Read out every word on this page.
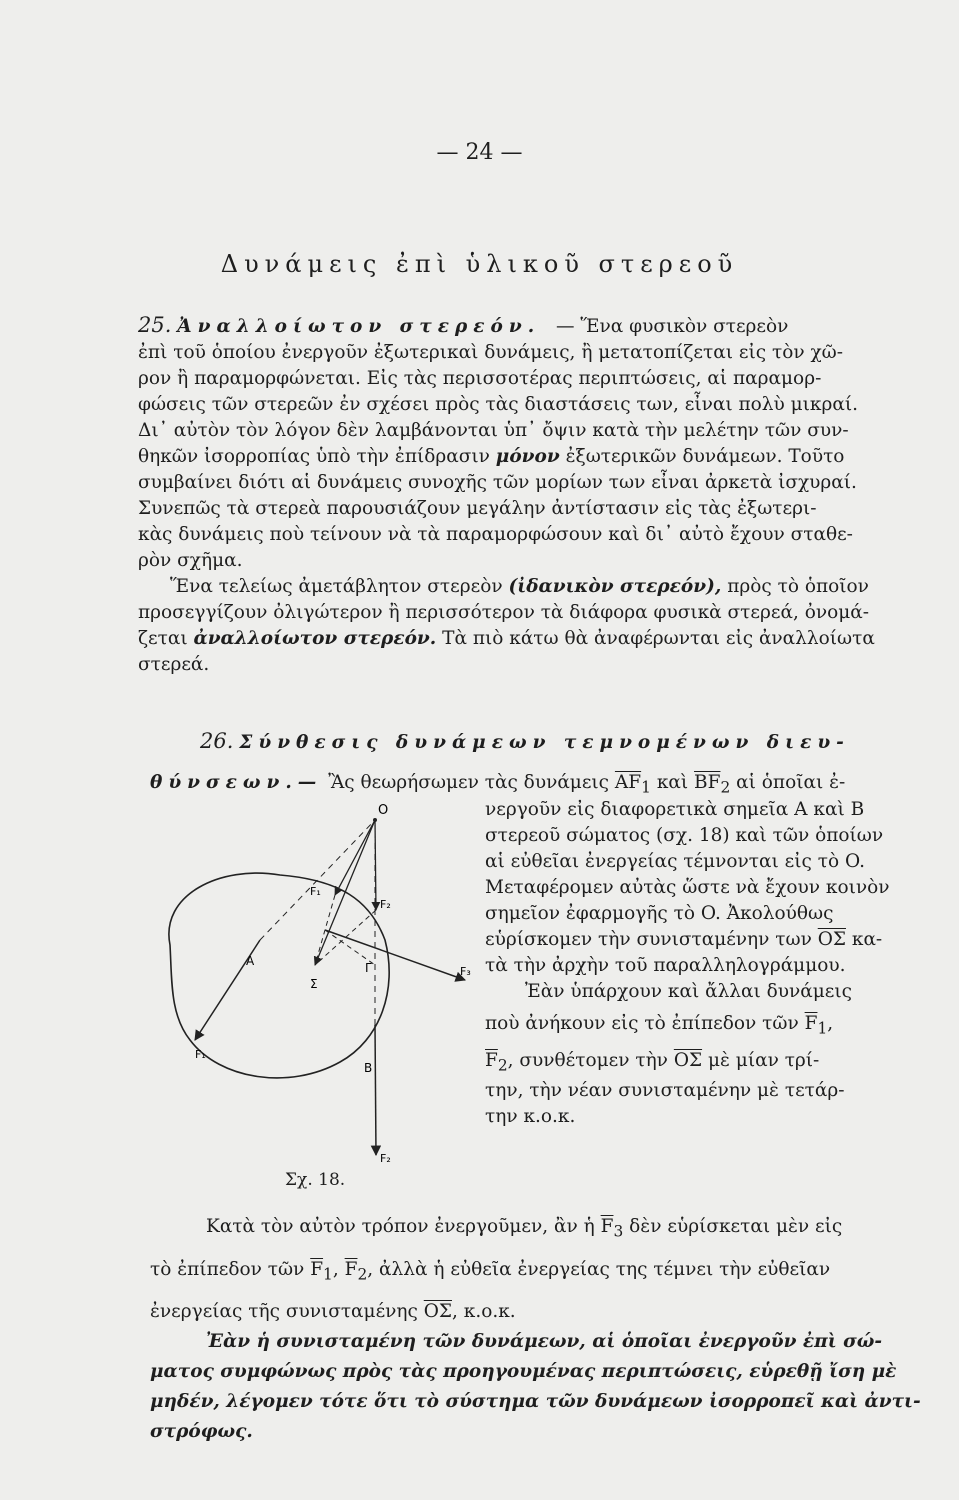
— 24 —
Δυνάμεις ἐπὶ ὑλικοῦ στερεοῦ
25. Ἀναλλοίωτον στερεόν. — Ἕνα φυσικὸν στερεὸν
ἐπὶ τοῦ ὁποίου ἐνεργοῦν ἐξωτερικαὶ δυνάμεις, ἢ μετατοπίζεται εἰς τὸν χῶ-
ρον ἢ παραμορφώνεται. Εἰς τὰς περισσοτέρας περιπτώσεις, αἱ παραμορ-
φώσεις τῶν στερεῶν ἐν σχέσει πρὸς τὰς διαστάσεις των, εἶναι πολὺ μικραί.
Δι᾽ αὐτὸν τὸν λόγον δὲν λαμβάνονται ὑπ᾽ ὄψιν κατὰ τὴν μελέτην τῶν συν-
θηκῶν ἰσορροπίας ὑπὸ τὴν ἐπίδρασιν μόνον ἐξωτερικῶν δυνάμεων. Τοῦτο
συμβαίνει διότι αἱ δυνάμεις συνοχῆς τῶν μορίων των εἶναι ἀρκετὰ ἰσχυραί.
Συνεπῶς τὰ στερεὰ παρουσιάζουν μεγάλην ἀντίστασιν εἰς τὰς ἐξωτερι-
κὰς δυνάμεις ποὺ τείνουν νὰ τὰ παραμορφώσουν καὶ δι᾽ αὐτὸ ἔχουν σταθε-
ρὸν σχῆμα.
Ἕνα τελείως ἀμετάβλητον στερεὸν (ἰδανικὸν στερεόν), πρὸς τὸ ὁποῖον
προσεγγίζουν ὀλιγώτερον ἢ περισσότερον τὰ διάφορα φυσικὰ στερεά, ὀνομά-
ζεται ἀναλλοίωτον στερεόν. Τὰ πιὸ κάτω θὰ ἀναφέρωνται εἰς ἀναλλοίωτα
στερεά.
26. Σύνθεσις δυνάμεων τεμνομένων διευ-
θύνσεων.— Ἂς θεωρήσωμεν τὰς δυνάμεις $\overline{AF}_1$ καὶ $\overline{BF}_2$ αἱ ὁποῖαι ἐ-
νεργοῦν εἰς διαφορετικὰ σημεῖα A καὶ B
στερεοῦ σώματος (σχ. 18) καὶ τῶν ὁποίων
αἱ εὐθεῖαι ἐνεργείας τέμνονται εἰς τὸ O.
Μεταφέρομεν αὐτὰς ὥστε νὰ ἔχουν κοινὸν
σημεῖον ἐφαρμογῆς τὸ O. Ἀκολούθως
εὑρίσκομεν τὴν συνισταμένην των $\overline{O\Sigma}$ κα-
τὰ τὴν ἀρχὴν τοῦ παραλληλογράμμου.
Ἐὰν ὑπάρχουν καὶ ἄλλαι δυνάμεις
ποὺ ἀνήκουν εἰς τὸ ἐπίπεδον τῶν $\overline{F}_1$,
$\overline{F}_2$, συνθέτομεν τὴν $\overline{O\Sigma}$ μὲ μίαν τρί-
την, τὴν νέαν συνισταμένην μὲ τετάρ-
την κ.ο.κ.
O
A
B
F₁
F₂
F₃
F₁
F₂
Σ
Γ
Σχ. 18.
Κατὰ τὸν αὐτὸν τρόπον ἐνεργοῦμεν, ἂν ἡ $\overline{F}_3$ δὲν εὑρίσκεται μὲν εἰς
τὸ ἐπίπεδον τῶν $\overline{F}_1$, $\overline{F}_2$, ἀλλὰ ἡ εὐθεῖα ἐνεργείας της τέμνει τὴν εὐθεῖαν
ἐνεργείας τῆς συνισταμένης $\overline{O\Sigma}$, κ.ο.κ.
Ἐὰν ἡ συνισταμένη τῶν δυνάμεων, αἱ ὁποῖαι ἐνεργοῦν ἐπὶ σώ-
ματος συμφώνως πρὸς τὰς προηγουμένας περιπτώσεις, εὑρεθῇ ἴση μὲ
μηδέν, λέγομεν τότε ὅτι τὸ σύστημα τῶν δυνάμεων ἰσορροπεῖ καὶ ἀντι-
στρόφως.
